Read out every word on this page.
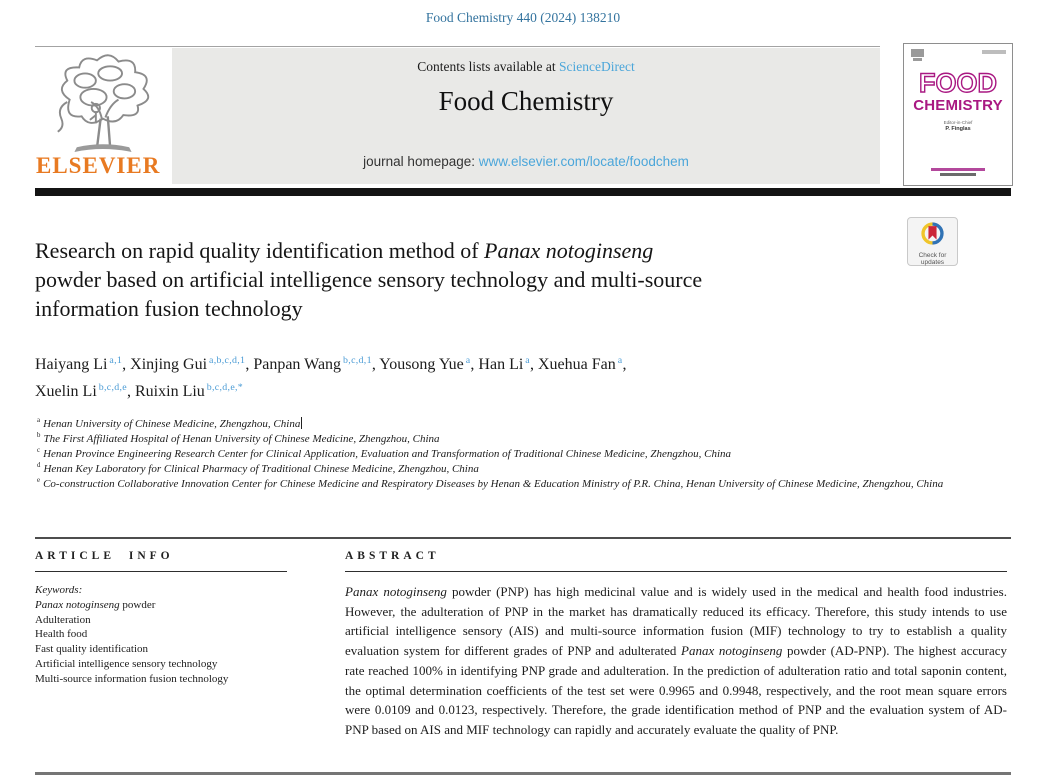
Food Chemistry 440 (2024) 138210
ELSEVIER
Contents lists available at ScienceDirect
Food Chemistry
journal homepage: www.elsevier.com/locate/foodchem
FOOD
CHEMISTRY
Editor-in-Chief
P. Finglas
Check for
updates
Research on rapid quality identification method of Panax notoginseng
powder based on artificial intelligence sensory technology and multi-source
information fusion technology
Haiyang Li $^{a,1}$, Xinjing Gui $^{a,b,c,d,1}$, Panpan Wang $^{b,c,d,1}$, Yousong Yue $^a$, Han Li $^a$, Xuehua Fan $^a$,
Xuelin Li $^{b,c,d,e}$, Ruixin Liu $^{b,c,d,e,*}$
$^a$ Henan University of Chinese Medicine, Zhengzhou, China
$^b$ The First Affiliated Hospital of Henan University of Chinese Medicine, Zhengzhou, China
$^c$ Henan Province Engineering Research Center for Clinical Application, Evaluation and Transformation of Traditional Chinese Medicine, Zhengzhou, China
$^d$ Henan Key Laboratory for Clinical Pharmacy of Traditional Chinese Medicine, Zhengzhou, China
$^e$ Co-construction Collaborative Innovation Center for Chinese Medicine and Respiratory Diseases by Henan & Education Ministry of P.R. China, Henan University of Chinese Medicine, Zhengzhou, China
ARTICLE INFO
Keywords:
Panax notoginseng powder
Adulteration
Health food
Fast quality identification
Artificial intelligence sensory technology
Multi-source information fusion technology
ABSTRACT
Panax notoginseng powder (PNP) has high medicinal value and is widely used in the medical and health food industries. However, the adulteration of PNP in the market has dramatically reduced its efficacy. Therefore, this study intends to use artificial intelligence sensory (AIS) and multi-source information fusion (MIF) technology to try to establish a quality evaluation system for different grades of PNP and adulterated Panax notoginseng powder (AD-PNP). The highest accuracy rate reached 100% in identifying PNP grade and adulteration. In the prediction of adulteration ratio and total saponin content, the optimal determination coefficients of the test set were 0.9965 and 0.9948, respectively, and the root mean square errors were 0.0109 and 0.0123, respectively. Therefore, the grade identification method of PNP and the evaluation system of AD-PNP based on AIS and MIF technology can rapidly and accurately evaluate the quality of PNP.
